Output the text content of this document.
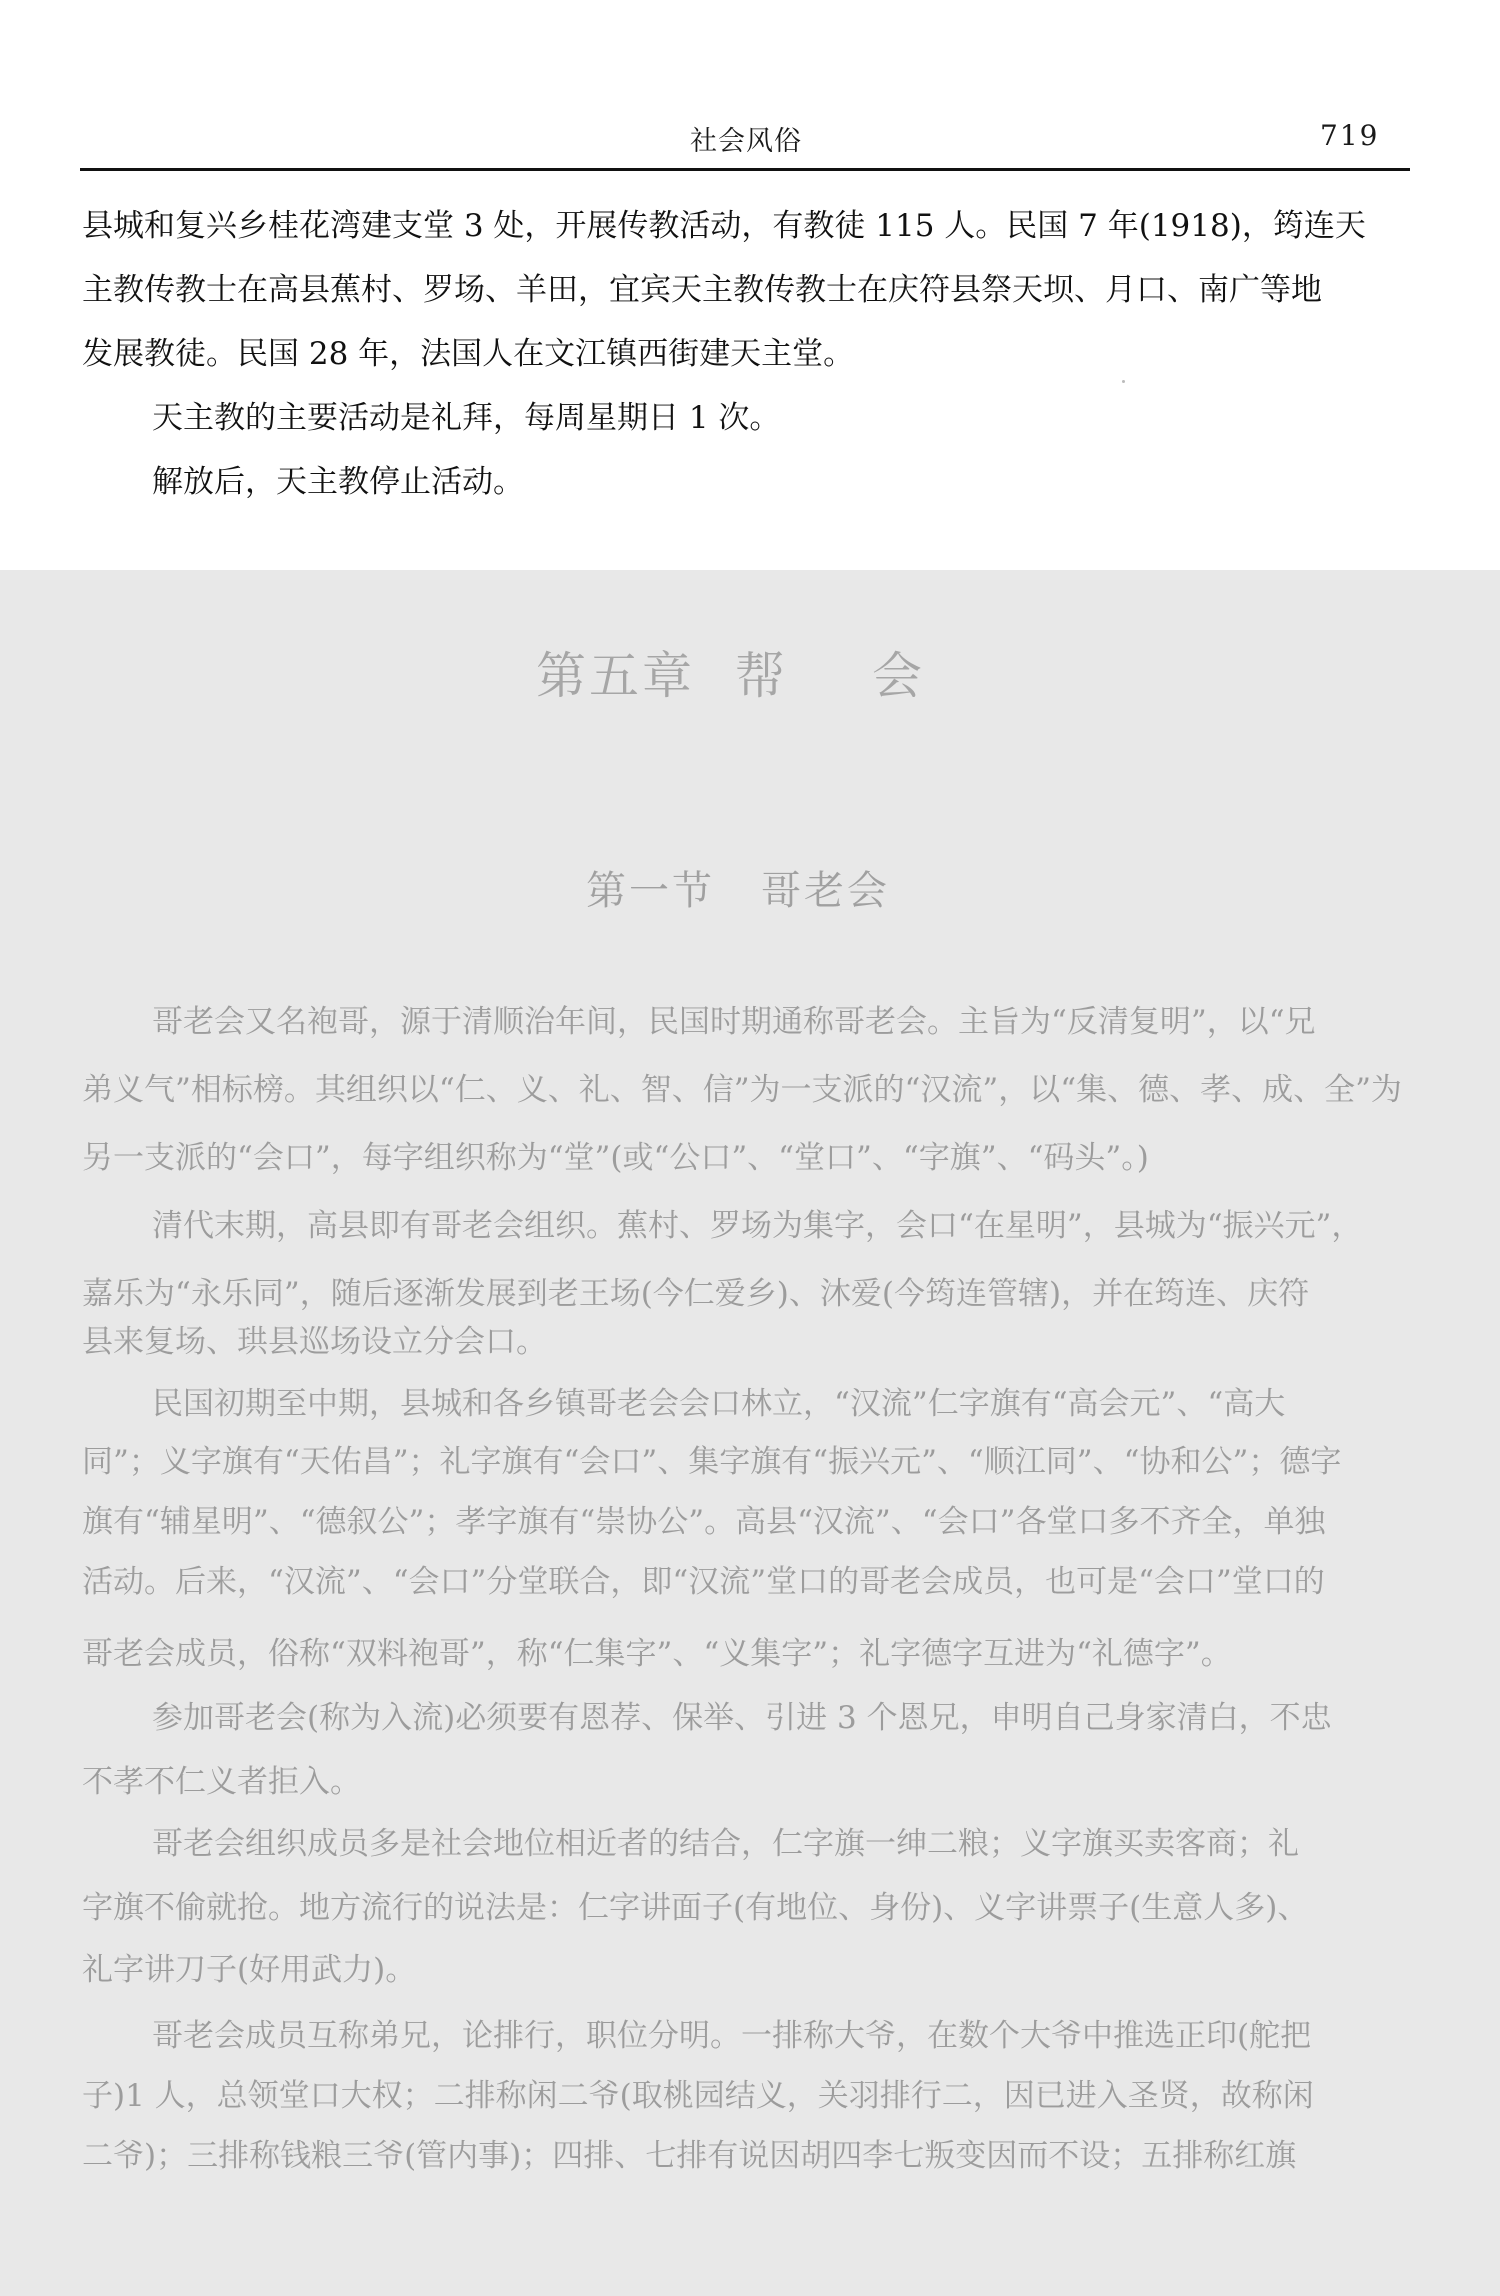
社会风俗	719
县城和复兴乡桂花湾建支堂 3 处，开展传教活动，有教徒 115 人。民国 7 年(1918)，筠连天
主教传教士在高县蕉村、罗场、羊田，宜宾天主教传教士在庆符县祭天坝、月口、南广等地
发展教徒。民国 28 年，法国人在文江镇西街建天主堂。
天主教的主要活动是礼拜，每周星期日 1 次。
解放后，天主教停止活动。
第五章 帮 会
第一节 哥老会
哥老会又名袍哥，源于清顺治年间，民国时期通称哥老会。主旨为“反清复明”，以“兄
弟义气”相标榜。其组织以“仁、义、礼、智、信”为一支派的“汉流”，以“集、德、孝、成、全”为
另一支派的“会口”，每字组织称为“堂”(或“公口”、“堂口”、“字旗”、“码头”。)
清代末期，高县即有哥老会组织。蕉村、罗场为集字，会口“在星明”，县城为“振兴元”，
嘉乐为“永乐同”，随后逐渐发展到老王场(今仁爱乡)、沐爱(今筠连管辖)，并在筠连、庆符
县来复场、珙县巡场设立分会口。
民国初期至中期，县城和各乡镇哥老会会口林立，“汉流”仁字旗有“高会元”、“高大
同”；义字旗有“天佑昌”；礼字旗有“会口”、集字旗有“振兴元”、“顺江同”、“协和公”；德字
旗有“辅星明”、“德叙公”；孝字旗有“崇协公”。高县“汉流”、“会口”各堂口多不齐全，单独
活动。后来，“汉流”、“会口”分堂联合，即“汉流”堂口的哥老会成员，也可是“会口”堂口的
哥老会成员，俗称“双料袍哥”，称“仁集字”、“义集字”；礼字德字互进为“礼德字”。
参加哥老会(称为入流)必须要有恩荐、保举、引进 3 个恩兄，申明自己身家清白，不忠
不孝不仁义者拒入。
哥老会组织成员多是社会地位相近者的结合，仁字旗一绅二粮；义字旗买卖客商；礼
字旗不偷就抢。地方流行的说法是：仁字讲面子(有地位、身份)、义字讲票子(生意人多)、
礼字讲刀子(好用武力)。
哥老会成员互称弟兄，论排行，职位分明。一排称大爷，在数个大爷中推选正印(舵把
子)1 人，总领堂口大权；二排称闲二爷(取桃园结义，关羽排行二，因已进入圣贤，故称闲
二爷)；三排称钱粮三爷(管内事)；四排、七排有说因胡四李七叛变因而不设；五排称红旗
